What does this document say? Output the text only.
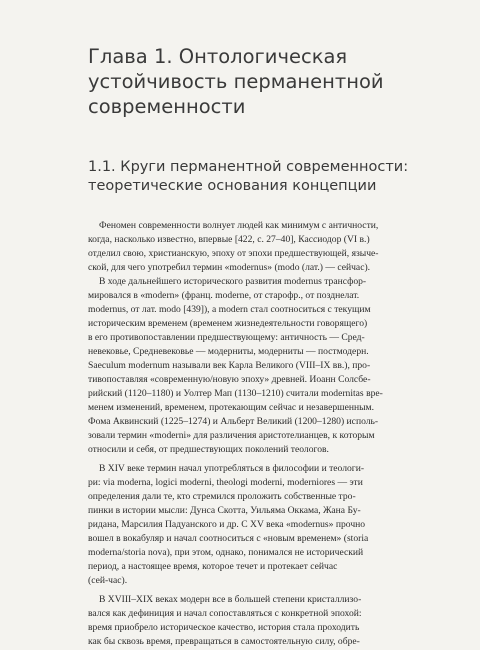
Глава 1. Онтологическая
устойчивость перманентной
современности
1.1. Круги перманентной современности:
теоретические основания концепции
Феномен современности волнует людей как минимум с античности,
когда, насколько известно, впервые [422, с. 27–40], Кассиодор (VI в.)
отделил свою, христианскую, эпоху от эпохи предшествующей, языче-
ской, для чего употребил термин «modernus» (modo (лат.) — сейчас).
В ходе дальнейшего исторического развития modernus трансфор-
мировался в «modern» (франц. moderne, от старофр., от позднелат.
modernus, от лат. modo [439]), а modern стал соотноситься с текущим
историческим временем (временем жизнедеятельности говорящего)
в его противопоставлении предшествующему: античность — Сред-
невековье, Средневековье — модерниты, модерниты — постмодерн.
Saeculum modernum называли век Карла Великого (VIII–IX вв.), про-
тивопоставляя «современную/новую эпоху» древней. Иоанн Солсбе-
рийский (1120–1180) и Уолтер Мап (1130–1210) считали modernitas вре-
менем изменений, временем, протекающим сейчас и незавершенным.
Фома Аквинский (1225–1274) и Альберт Великий (1200–1280) исполь-
зовали термин «moderni» для различения аристотелианцев, к которым
относили и себя, от предшествующих поколений теологов.
В XIV веке термин начал употребляться в философии и теологи-
ри: via moderna, logici moderni, theologi moderni, moderniores — эти
определения дали те, кто стремился проложить собственные тро-
пинки в истории мысли: Дунса Скотта, Уильяма Оккама, Жана Бу-
ридана, Марсилия Падуанского и др. С XV века «modernus» прочно
вошел в вокабуляр и начал соотноситься с «новым временем» (storia
moderna/storia nova), при этом, однако, понимался не исторический
период, а настоящее время, которое течет и протекает сейчас
(сей-час).
В XVIII–XIX веках модерн все в большей степени кристаллизо-
вался как дефиниция и начал сопоставляться с конкретной эпохой:
время приобрело историческое качество, история стала проходить
как бы сквозь время, превращаться в самостоятельную силу, обре-
